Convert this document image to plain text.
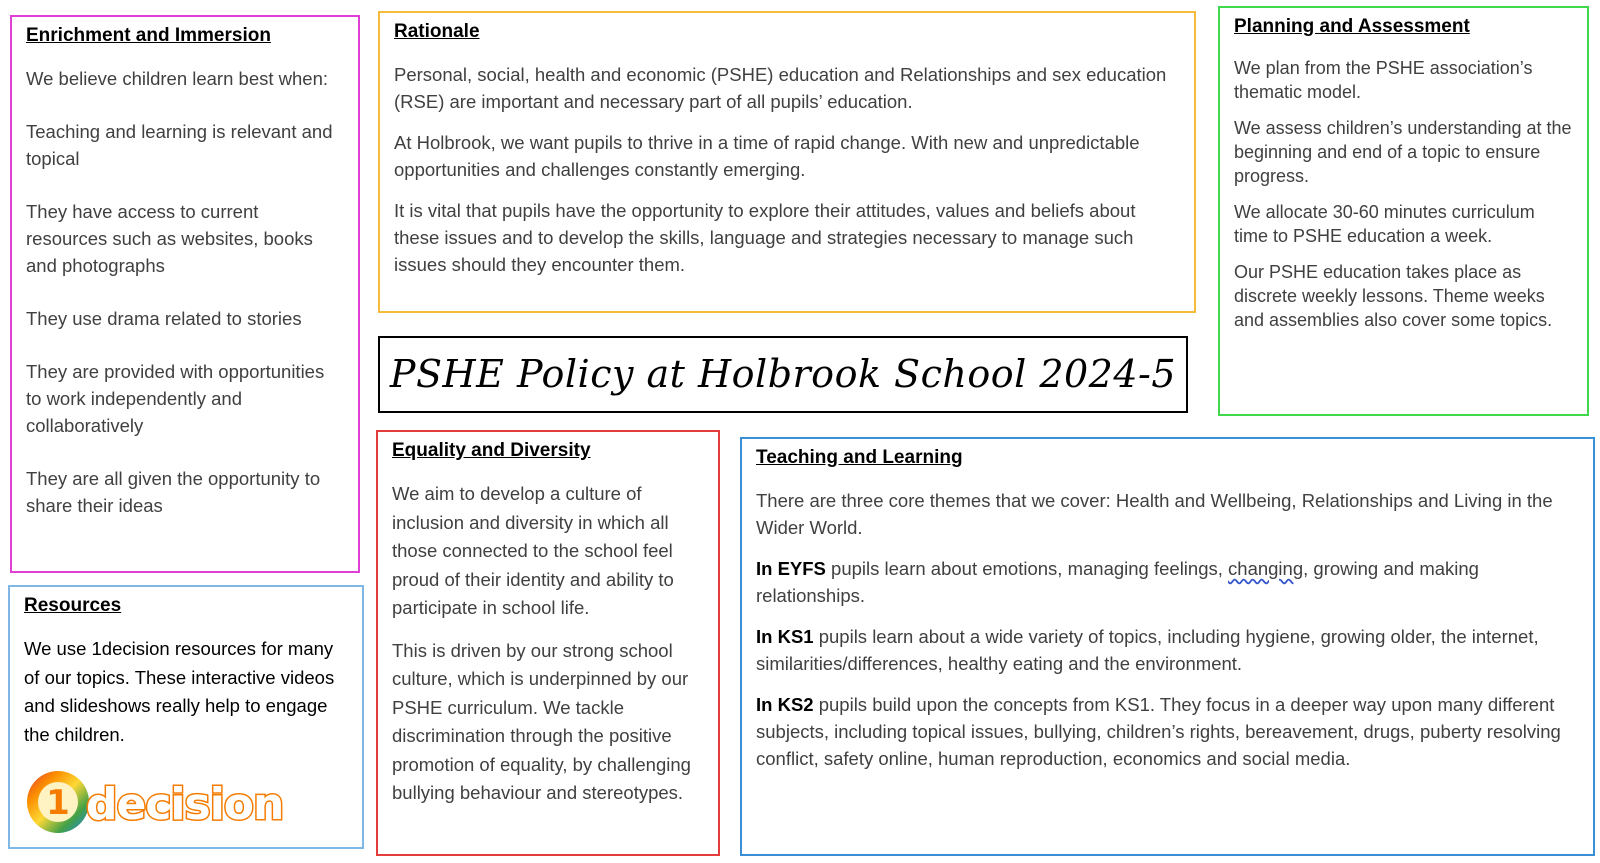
Enrichment and Immersion

We believe children learn best when:

Teaching and learning is relevant and topical

They have access to current resources such as websites, books and photographs

They use drama related to stories

They are provided with opportunities to work independently and collaboratively

They are all given the opportunity to share their ideas

Rationale

Personal, social, health and economic (PSHE) education and Relationships and sex education (RSE) are important and necessary part of all pupils’ education.

At Holbrook, we want pupils to thrive in a time of rapid change. With new and unpredictable opportunities and challenges constantly emerging.

It is vital that pupils have the opportunity to explore their attitudes, values and beliefs about these issues and to develop the skills, language and strategies necessary to manage such issues should they encounter them.

Planning and Assessment

We plan from the PSHE association’s thematic model.

We assess children’s understanding at the beginning and end of a topic to ensure progress.

We allocate 30-60 minutes curriculum time to PSHE education a week.

Our PSHE education takes place as discrete weekly lessons. Theme weeks and assemblies also cover some topics.

PSHE Policy at Holbrook School 2024-5
Equality and Diversity

We aim to develop a culture of inclusion and diversity in which all those connected to the school feel proud of their identity and ability to participate in school life.

This is driven by our strong school culture, which is underpinned by our PSHE curriculum. We tackle discrimination through the positive promotion of equality, by challenging bullying behaviour and stereotypes.

Teaching and Learning

There are three core themes that we cover: Health and Wellbeing, Relationships and Living in the Wider World.

In EYFS pupils learn about emotions, managing feelings, changing, growing and making relationships.

In KS1 pupils learn about a wide variety of topics, including hygiene, growing older, the internet, similarities/differences, healthy eating and the environment.

In KS2 pupils build upon the concepts from KS1. They focus in a deeper way upon many different subjects, including topical issues, bullying, children’s rights, bereavement, drugs, puberty resolving conflict, safety online, human reproduction, economics and social media.

Resources

We use 1decision resources for many of our topics. These interactive videos and slideshows really help to engage the children.

1 decision
